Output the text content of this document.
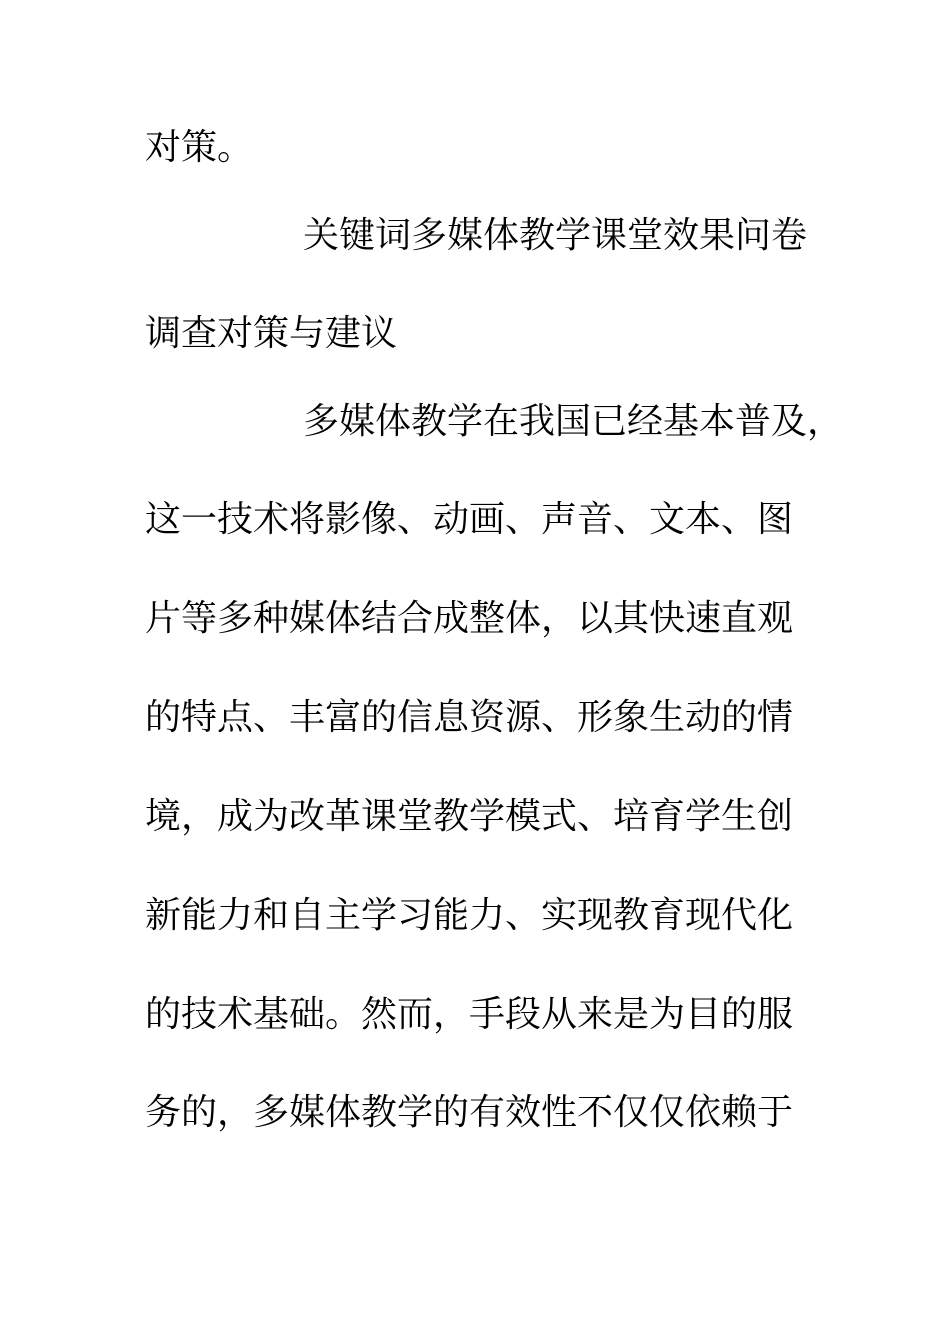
对策。
关键词多媒体教学课堂效果问卷
调查对策与建议
多媒体教学在我国已经基本普及，
这一技术将影像、动画、声音、文本、图
片等多种媒体结合成整体，以其快速直观
的特点、丰富的信息资源、形象生动的情
境，成为改革课堂教学模式、培育学生创
新能力和自主学习能力、实现教育现代化
的技术基础。然而，手段从来是为目的服
务的，多媒体教学的有效性不仅仅依赖于
